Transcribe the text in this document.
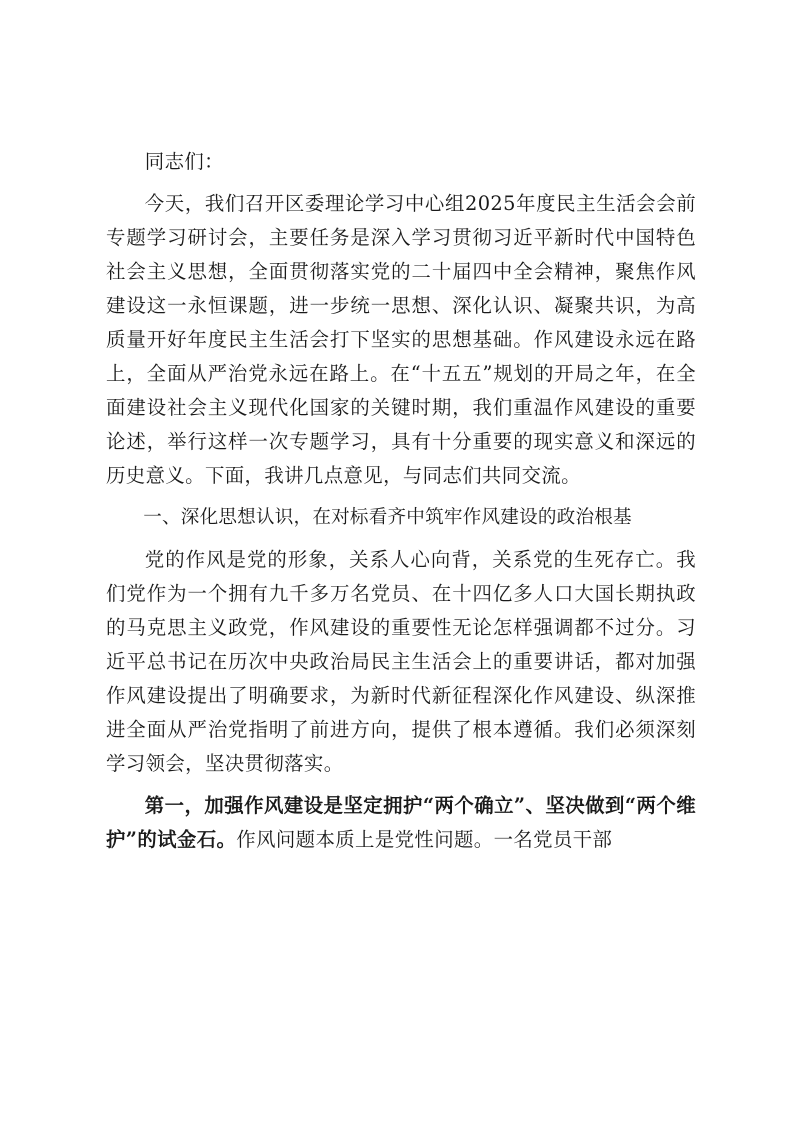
同志们：

今天，我们召开区委理论学习中心组2025年度民主生活会会前专题学习研讨会，主要任务是深入学习贯彻习近平新时代中国特色社会主义思想，全面贯彻落实党的二十届四中全会精神，聚焦作风建设这一永恒课题，进一步统一思想、深化认识、凝聚共识，为高质量开好年度民主生活会打下坚实的思想基础。作风建设永远在路上，全面从严治党永远在路上。在“十五五”规划的开局之年，在全面建设社会主义现代化国家的关键时期，我们重温作风建设的重要论述，举行这样一次专题学习，具有十分重要的现实意义和深远的历史意义。下面，我讲几点意见，与同志们共同交流。

一、深化思想认识，在对标看齐中筑牢作风建设的政治根基

党的作风是党的形象，关系人心向背，关系党的生死存亡。我们党作为一个拥有九千多万名党员、在十四亿多人口大国长期执政的马克思主义政党，作风建设的重要性无论怎样强调都不过分。习近平总书记在历次中央政治局民主生活会上的重要讲话，都对加强作风建设提出了明确要求，为新时代新征程深化作风建设、纵深推进全面从严治党指明了前进方向，提供了根本遵循。我们必须深刻学习领会，坚决贯彻落实。

第一，加强作风建设是坚定拥护“两个确立”、坚决做到“两个维护”的试金石。作风问题本质上是党性问题。一名党员干部
